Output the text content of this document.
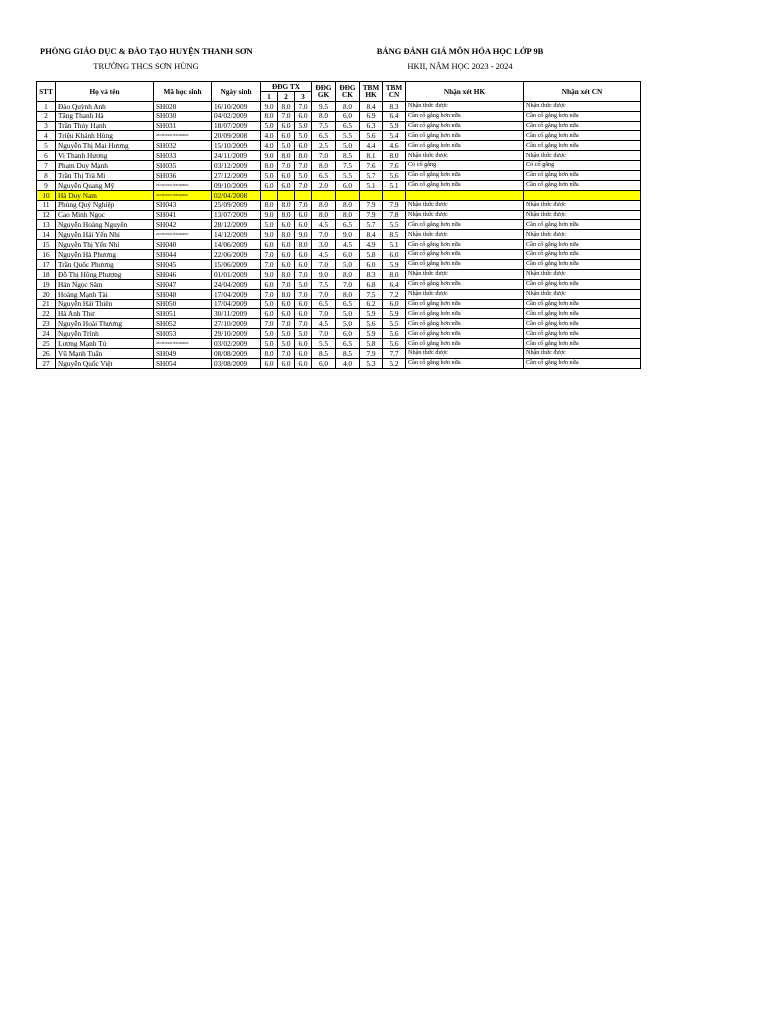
PHÒNG GIÁO DỤC & ĐÀO TẠO HUYỆN THANH SƠN
TRƯỜNG THCS SƠN HÙNG
BẢNG ĐÁNH GIÁ MÔN HÓA HỌC LỚP 9B
HKII, NĂM HỌC 2023 - 2024
STT	Họ và tên	Mã học sinh	Ngày sinh	ĐĐG TX			ĐĐG GK	ĐĐG CK	TBM HK	TBM CN	Nhận xét HK	Nhận xét CN
				1	2	3						
1	Đào Quỳnh Anh	SH028	16/10/2009	9.0	8.0	7.0	9.5	8.0	8.4	8.3	Nhận thức được	Nhận thức được
2	Tăng Thanh Hà	SH030	04/02/2009	8.0	7.0	6.0	8.0	6.0	6.9	6.4	Cần cố gắng hơn nữa	Cần cố gắng hơn nữa
3	Trần Thúy Hạnh	SH031	18/07/2009	5.0	6.0	5.0	7.5	6.5	6.3	5.9	Cần cố gắng hơn nữa	Cần cố gắng hơn nữa
4	Triệu Khánh Hùng	2023032261JP3DR0000	20/09/2008	4.0	6.0	5.0	6.5	5.5	5.6	5.4	Cần cố gắng hơn nữa	Cần cố gắng hơn nữa
5	Nguyễn Thị Mai Hương	SH032	15/10/2009	4.0	5.0	6.0	2.5	5.0	4.4	4.6	Cần cố gắng hơn nữa	Cần cố gắng hơn nữa
6	Vi Thanh Hương	SH033	24/11/2009	9.0	8.0	8.0	7.0	8.5	8.1	8.0	Nhận thức được	Nhận thức được
7	Phạm Duy Mạnh	SH035	03/12/2009	8.0	7.0	7.0	8.0	7.5	7.6	7.6	Có cố gắng	Có cố gắng
8	Trần Thị Trà Mi	SH036	27/12/2009	5.0	6.0	5.0	6.5	5.5	5.7	5.6	Cần cố gắng hơn nữa	Cần cố gắng hơn nữa
9	Nguyễn Quang Mỹ	2023032261JP3DR0004	09/10/2009	6.0	6.0	7.0	2.0	6.0	5.1	5.1	Cần cố gắng hơn nữa	Cần cố gắng hơn nữa
10	Hà Duy Nam	2023032261JP3DR0001	02/04/2008									
11	Phùng Quý Nghiệp	SH043	25/09/2009	8.0	8.0	7.0	8.0	8.0	7.9	7.9	Nhận thức được	Nhận thức được
12	Cao Minh Ngọc	SH041	13/07/2009	9.0	8.0	6.0	8.0	8.0	7.9	7.8	Nhận thức được	Nhận thức được
13	Nguyễn Hoàng Nguyên	SH042	28/12/2009	5.0	6.0	6.0	4.5	6.5	5.7	5.5	Cần cố gắng hơn nữa	Cần cố gắng hơn nữa
14	Nguyễn Hải Yến Nhi	2023032261JP3DR0003	14/12/2009	9.0	8.0	9.0	7.0	9.0	8.4	8.5	Nhận thức được	Nhận thức được
15	Nguyễn Thị Yến Nhi	SH040	14/06/2009	6.0	6.0	8.0	3.0	4.5	4.9	5.1	Cần cố gắng hơn nữa	Cần cố gắng hơn nữa
16	Nguyễn Hà Phương	SH044	22/06/2009	7.0	6.0	6.0	4.5	6.0	5.8	6.0	Cần cố gắng hơn nữa	Cần cố gắng hơn nữa
17	Trần Quốc Phương	SH045	15/06/2009	7.0	6.0	6.0	7.0	5.0	6.0	5.9	Cần cố gắng hơn nữa	Cần cố gắng hơn nữa
18	Đỗ Thị Hồng Phượng	SH046	01/01/2009	9.0	8.0	7.0	9.0	8.0	8.3	8.0	Nhận thức được	Nhận thức được
19	Hán Ngọc Sâm	SH047	24/04/2009	6.0	7.0	5.0	7.5	7.0	6.8	6.4	Cần cố gắng hơn nữa	Cần cố gắng hơn nữa
20	Hoàng Mạnh Tài	SH048	17/04/2009	7.0	8.0	7.0	7.0	8.0	7.5	7.2	Nhận thức được	Nhận thức được
21	Nguyễn Hải Thiên	SH050	17/04/2009	5.0	6.0	6.0	6.5	6.5	6.2	6.0	Cần cố gắng hơn nữa	Cần cố gắng hơn nữa
22	Hà Anh Thư	SH051	30/11/2009	6.0	6.0	6.0	7.0	5.0	5.9	5.9	Cần cố gắng hơn nữa	Cần cố gắng hơn nữa
23	Nguyễn Hoài Thương	SH052	27/10/2009	7.0	7.0	7.0	4.5	5.0	5.6	5.5	Cần cố gắng hơn nữa	Cần cố gắng hơn nữa
24	Nguyễn Trình	SH053	29/10/2009	5.0	5.0	5.0	7.0	6.0	5.9	5.6	Cần cố gắng hơn nữa	Cần cố gắng hơn nữa
25	Lương Mạnh Tú	2023032261JP3DR0000	03/02/2009	5.0	5.0	6.0	5.5	6.5	5.8	5.6	Cần cố gắng hơn nữa	Cần cố gắng hơn nữa
26	Vũ Mạnh Tuấn	SH049	08/08/2009	8.0	7.0	6.0	8.5	8.5	7.9	7.7	Nhận thức được	Nhận thức được
27	Nguyễn Quốc Việt	SH054	03/08/2009	6.0	6.0	6.0	6.0	4.0	5.3	5.2	Cần cố gắng hơn nữa	Cần cố gắng hơn nữa
